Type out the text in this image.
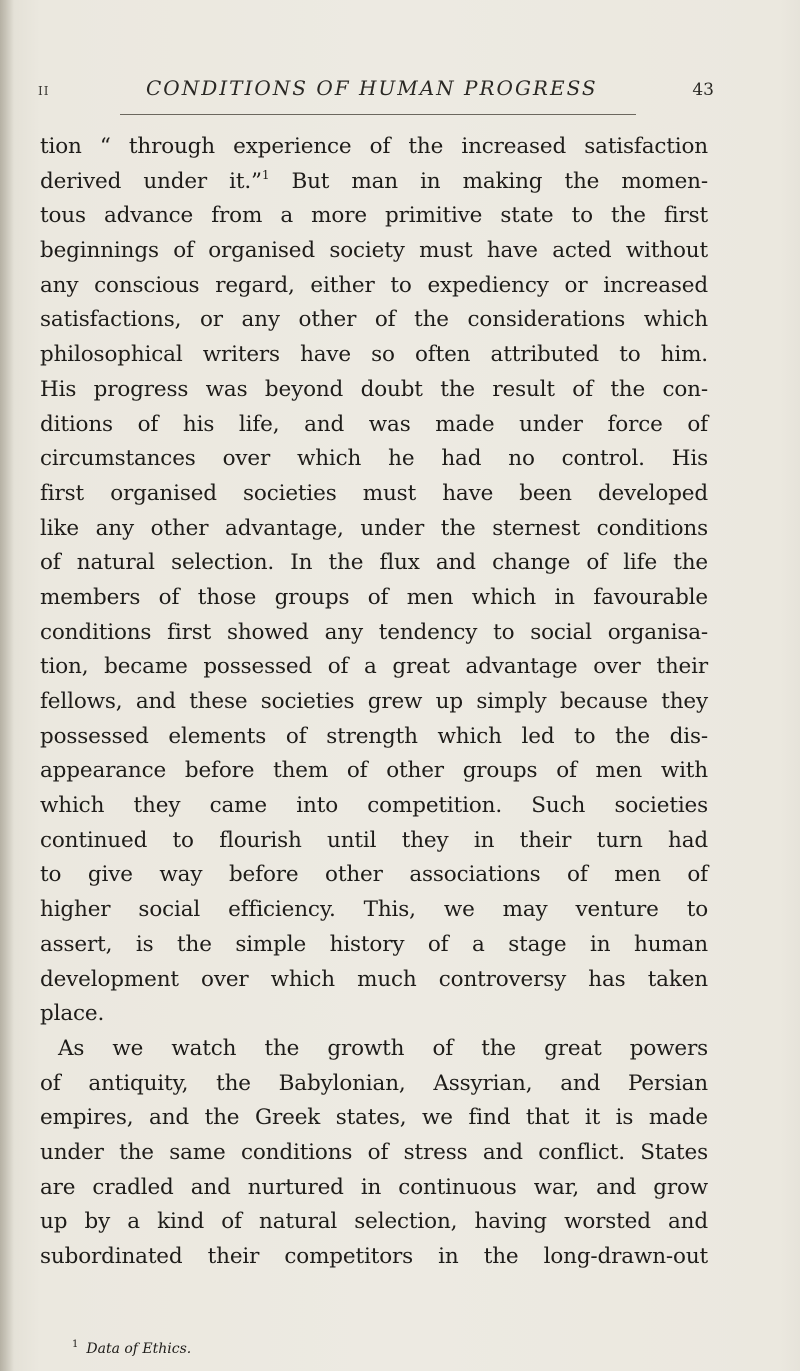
II	CONDITIONS OF HUMAN PROGRESS	43
tion “ through experience of the increased satisfaction
derived under it.”$^1$ But man in making the momen-
tous advance from a more primitive state to the first
beginnings of organised society must have acted without
any conscious regard, either to expediency or increased
satisfactions, or any other of the considerations which
philosophical writers have so often attributed to him.
His progress was beyond doubt the result of the con-
ditions of his life, and was made under force of
circumstances over which he had no control. His
first organised societies must have been developed
like any other advantage, under the sternest conditions
of natural selection. In the flux and change of life the
members of those groups of men which in favourable
conditions first showed any tendency to social organisa-
tion, became possessed of a great advantage over their
fellows, and these societies grew up simply because they
possessed elements of strength which led to the dis-
appearance before them of other groups of men with
which they came into competition. Such societies
continued to flourish until they in their turn had
to give way before other associations of men of
higher social efficiency. This, we may venture to
assert, is the simple history of a stage in human
development over which much controversy has taken
place.
As we watch the growth of the great powers
of antiquity, the Babylonian, Assyrian, and Persian
empires, and the Greek states, we find that it is made
under the same conditions of stress and conflict. States
are cradled and nurtured in continuous war, and grow
up by a kind of natural selection, having worsted and
subordinated their competitors in the long-drawn-out
$^1$ Data of Ethics.
